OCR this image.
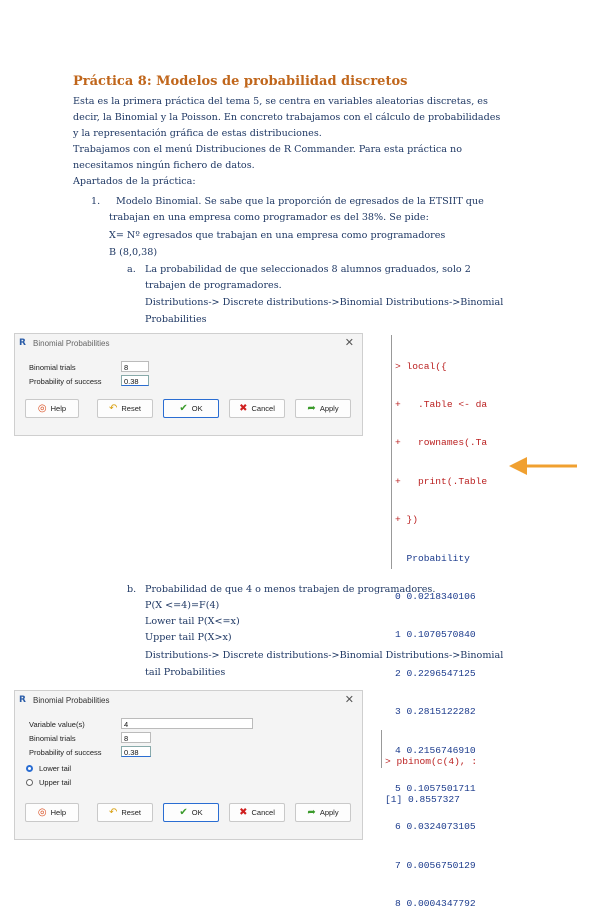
Práctica 8: Modelos de probabilidad discretos
Esta es la primera práctica del tema 5, se centra en variables aleatorias discretas, es
decir, la Binomial y la Poisson. En concreto trabajamos con el cálculo de probabilidades
y la representación gráfica de estas distribuciones.
Trabajamos con el menú Distribuciones de R Commander. Para esta práctica no
necesitamos ningún fichero de datos.
Apartados de la práctica:
1. Modelo Binomial. Se sabe que la proporción de egresados de la ETSIIT que
trabajan en una empresa como programador es del 38%. Se pide:
X= Nº egresados que trabajan en una empresa como programadores
B (8,0,38)
a. La probabilidad de que seleccionados 8 alumnos graduados, solo 2
trabajen de programadores.
Distributions-> Discrete distributions->Binomial Distributions->Binomial
Probabilities
R Binomial Probabilities	✕
Binomial trials	8
Probability of success	0.38
◎ Help	↶ Reset	✔ OK	✖ Cancel	➦ Apply

> local({

+   .Table <- da

+   rownames(.Ta

+   print(.Table

+ })

Probability

0 0.0218340106

1 0.1070570840

2 0.2296547125

3 0.2815122282

4 0.2156746910

5 0.1057501711

6 0.0324073105

7 0.0056750129

8 0.0004347792

b. Probabilidad de que 4 o menos trabajen de programadores.
P(X <=4)=F(4)
Lower tail P(X<=x)
Upper tail P(X>x)
Distributions-> Discrete distributions->Binomial Distributions->Binomial
tail Probabilities
R Binomial Probabilities	✕
Variable value(s)	4
Binomial trials	8
Probability of success	0.38
Lower tail
Upper tail
◎ Help	↶ Reset	✔ OK	✖ Cancel	➦ Apply

> pbinom(c(4), :

[1] 0.8557327
